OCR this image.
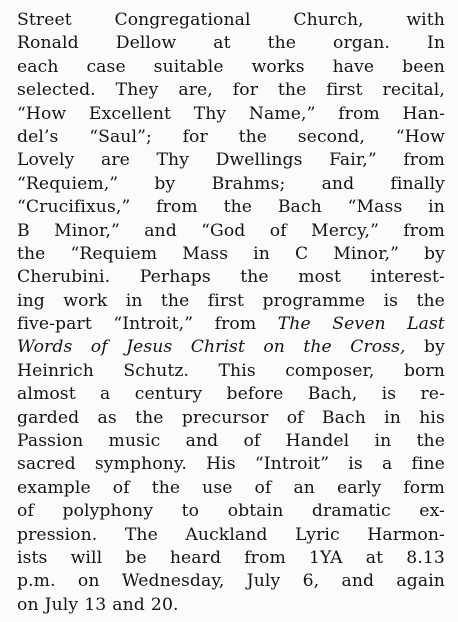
Street Congregational Church, with
Ronald Dellow at the organ. In
each case suitable works have been
selected. They are, for the first recital,
“How Excellent Thy Name,” from Han-
del’s “Saul”; for the second, “How
Lovely are Thy Dwellings Fair,” from
“Requiem,” by Brahms; and finally
“Crucifixus,” from the Bach “Mass in
B Minor,” and “God of Mercy,” from
the “Requiem Mass in C Minor,” by
Cherubini. Perhaps the most interest-
ing work in the first programme is the
five-part “Introit,” from The Seven Last
Words of Jesus Christ on the Cross, by
Heinrich Schutz. This composer, born
almost a century before Bach, is re-
garded as the precursor of Bach in his
Passion music and of Handel in the
sacred symphony. His “Introit” is a fine
example of the use of an early form
of polyphony to obtain dramatic ex-
pression. The Auckland Lyric Harmon-
ists will be heard from 1YA at 8.13
p.m. on Wednesday, July 6, and again
on July 13 and 20.
